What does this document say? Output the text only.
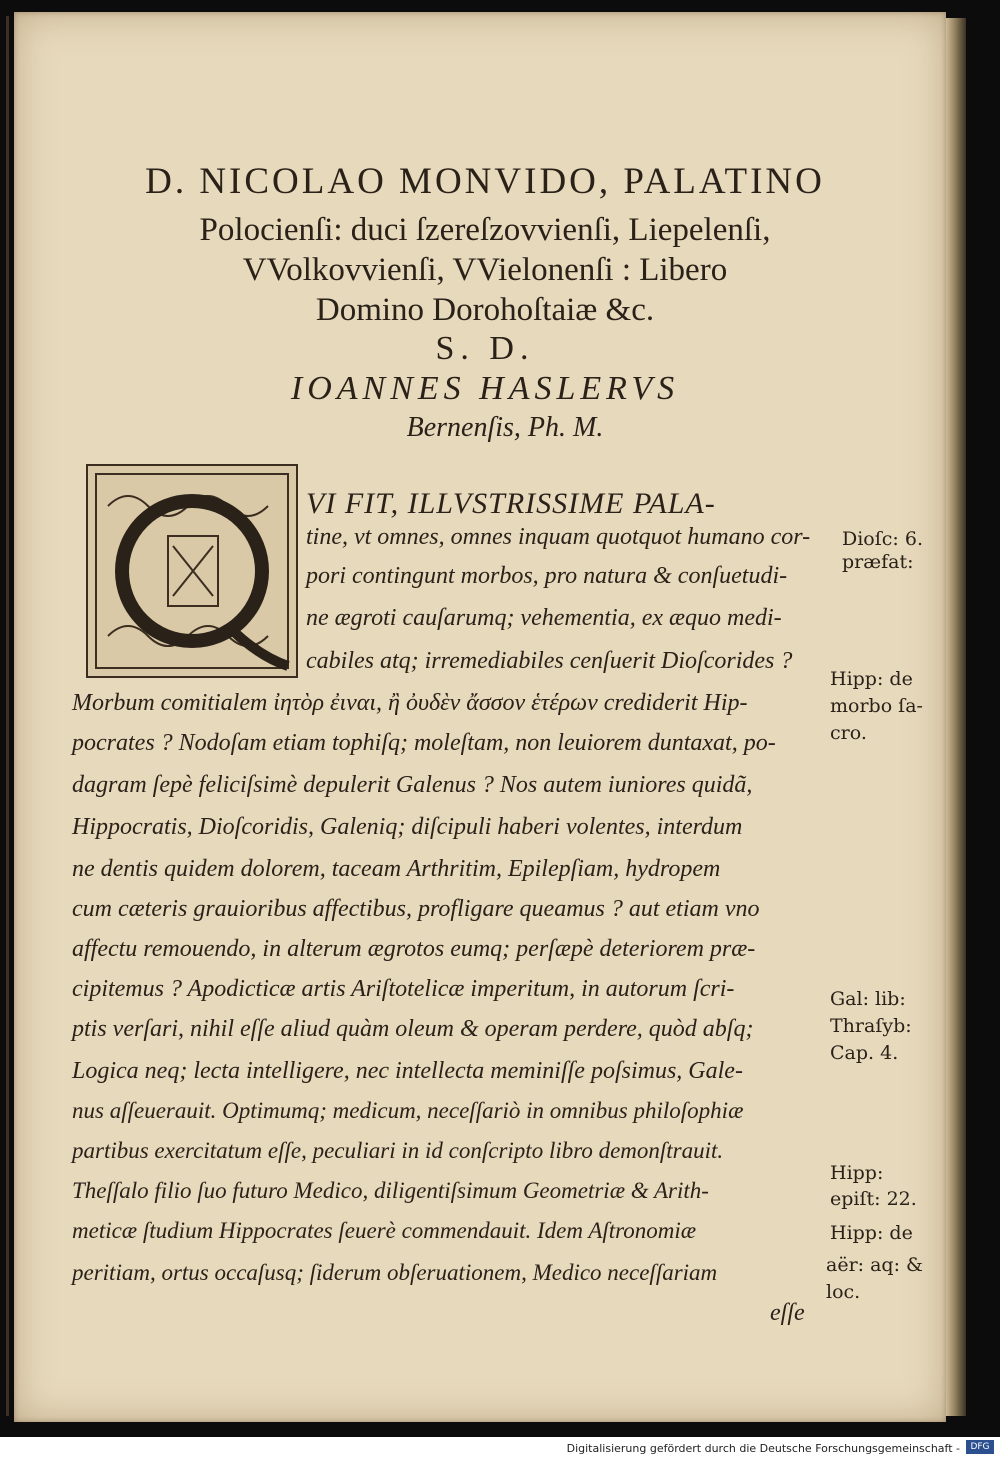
D. NICOLAO MONVIDO, PALATINO
Polocienſi: duci ſzereſzovvienſi, Liepelenſi,
VVolkovvienſi, VVielonenſi : Libero
Domino Dorohoſtaiæ &c.
S. D.
IOANNES HASLERVS
Bernenſis, Ph. M.
VI FIT, ILLVSTRISSIME PALA-
tine, vt omnes, omnes inquam quotquot humano cor-
pori contingunt morbos, pro natura & conſuetudi-
ne ægroti cauſarumq; vehementia, ex æquo medi-
cabiles atq; irremediabiles cenſuerit Dioſcorides ?
Morbum comitialem ἰητὸρ ἐιναι, ἢ ὀυδὲν ἄσσον ἑτέρων crediderit Hip-
pocrates ? Nodoſam etiam tophiſq; moleſtam, non leuiorem duntaxat, po-
dagram ſepè feliciſsimè depulerit Galenus ? Nos autem iuniores quidã,
Hippocratis, Dioſcoridis, Galeniq; diſcipuli haberi volentes, interdum
ne dentis quidem dolorem, taceam Arthritim, Epilepſiam, hydropem
cum cæteris grauioribus affectibus, profligare queamus ? aut etiam vno
affectu remouendo, in alterum ægrotos eumq; perſæpè deteriorem præ-
cipitemus ? Apodicticæ artis Ariſtotelicæ imperitum, in autorum ſcri-
ptis verſari, nihil eſſe aliud quàm oleum & operam perdere, quòd abſq;
Logica neq; lecta intelligere, nec intellecta meminiſſe poſsimus, Gale-
nus aſſeuerauit. Optimumq; medicum, neceſſariò in omnibus philoſophiæ
partibus exercitatum eſſe, peculiari in id conſcripto libro demonſtrauit.
Theſſalo filio ſuo futuro Medico, diligentiſsimum Geometriæ & Arith-
meticæ ſtudium Hippocrates ſeuerè commendauit. Idem Aſtronomiæ
peritiam, ortus occaſusq; ſiderum obſeruationem, Medico neceſſariam
eſſe
Dioſc: 6.
præfat:
Hipp: de
morbo ſa-
cro.
Gal: lib:
Thraſyb:
Cap. 4.
Hipp:
epiſt: 22.
Hipp: de
aër: aq: &
loc.
Digitalisierung gefördert durch die Deutsche Forschungsgemeinschaft -	DFG
